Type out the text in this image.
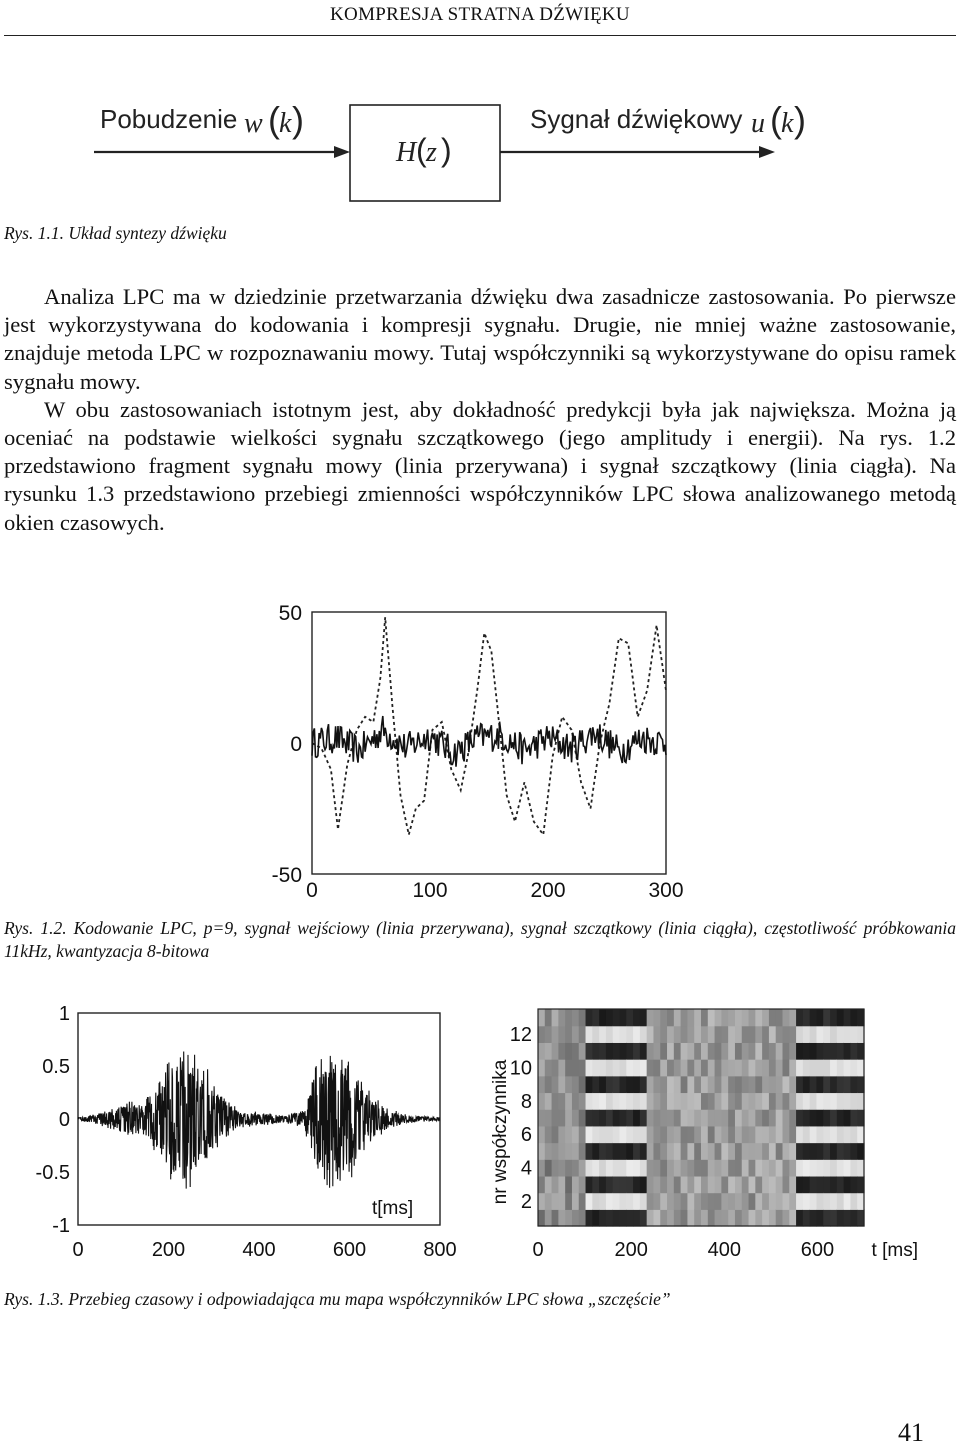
KOMPRESJA STRATNA DŹWIĘKU
Pobudzenie w ( k )
H ( z )
Sygnał dźwiękowy u ( k )
Rys. 1.1. Układ syntezy dźwięku

Analiza LPC ma w dziedzinie przetwarzania dźwięku dwa zasadnicze zastosowania. Po pierwsze jest wykorzystywana do kodowania i kompresji sygnału. Drugie, nie mniej ważne zastosowanie, znajduje metoda LPC w rozpoznawaniu mowy. Tutaj współczynniki są wykorzystywane do opisu ramek sygnału mowy.

W obu zastosowaniach istotnym jest, aby dokładność predykcji była jak największa. Można ją oceniać na podstawie wielkości sygnału szczątkowego (jego amplitudy i energii). Na rys. 1.2 przedstawiono fragment sygnału mowy (linia przerywana) i sygnał szczątkowy (linia ciągła). Na rysunku 1.3 przedstawiono przebiegi zmienności współczynników LPC słowa analizowanego metodą okien czasowych.

0	100	200	300
50
0
-50
Rys. 1.2. Kodowanie LPC, p=9, sygnał wejściowy (linia przerywana), sygnał szczątkowy (linia ciągła), częstotliwość próbkowania 11kHz, kwantyzacja 8-bitowa
0	200	400	600	800
1
0.5
0
-0.5
-1
t[ms]
0	200	400	600
2
4
6
8
10
12
t [ms]
nr współczynnika
Rys. 1.3. Przebieg czasowy i odpowiadająca mu mapa współczynników LPC słowa „szczęście”
41
